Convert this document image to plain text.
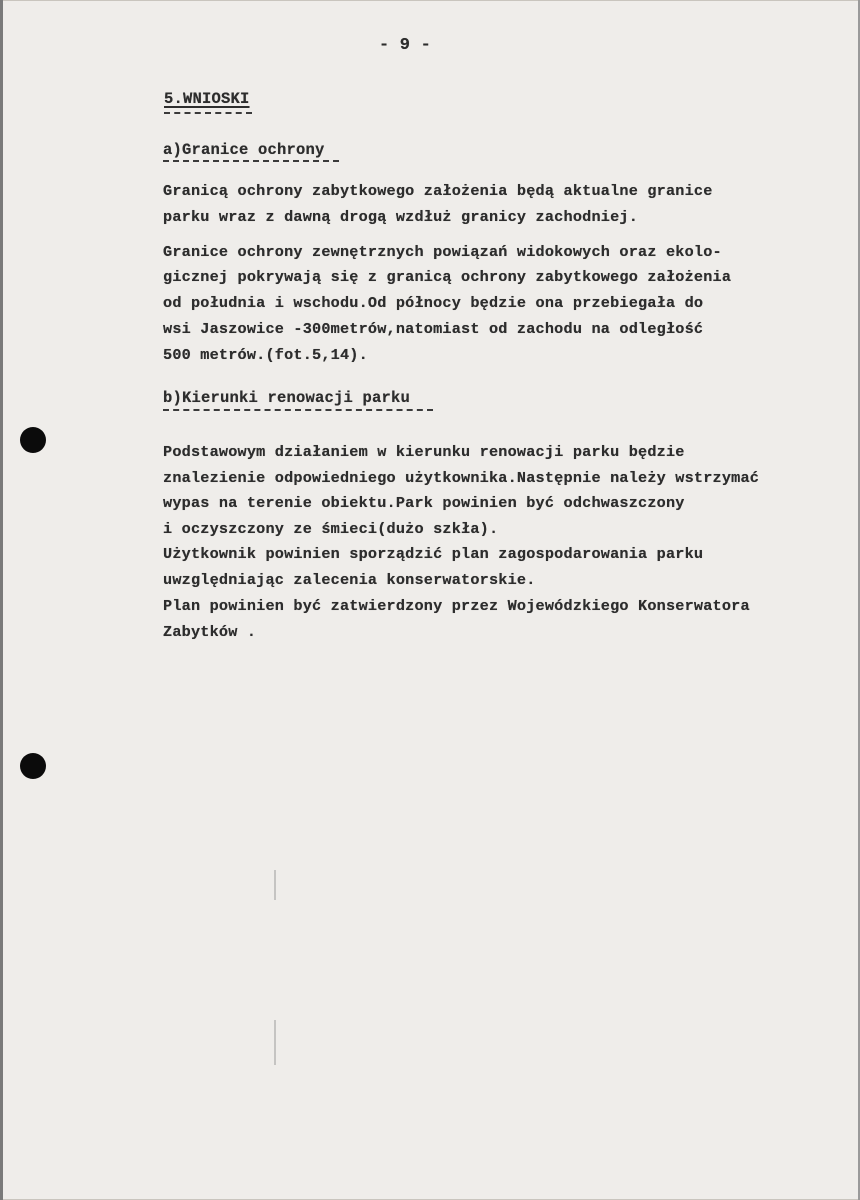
- 9 -
5.WNIOSKI
a)Granice ochrony
Granicą ochrony zabytkowego założenia będą aktualne granice
parku wraz z dawną drogą wzdłuż granicy zachodniej.
Granice ochrony zewnętrznych powiązań widokowych oraz ekolo-
gicznej pokrywają się z granicą ochrony zabytkowego założenia
od południa i wschodu.Od północy będzie ona przebiegała do
wsi Jaszowice -300metrów,natomiast od zachodu na odległość
500 metrów.(fot.5,14).
b)Kierunki renowacji parku
Podstawowym działaniem w kierunku renowacji parku będzie
znalezienie odpowiedniego użytkownika.Następnie należy wstrzymać
wypas na terenie obiektu.Park powinien być odchwaszczony
i oczyszczony ze śmieci(dużo szkła).
Użytkownik powinien sporządzić plan zagospodarowania parku
uwzględniając zalecenia konserwatorskie.
Plan powinien być zatwierdzony przez Wojewódzkiego Konserwatora
Zabytków .
